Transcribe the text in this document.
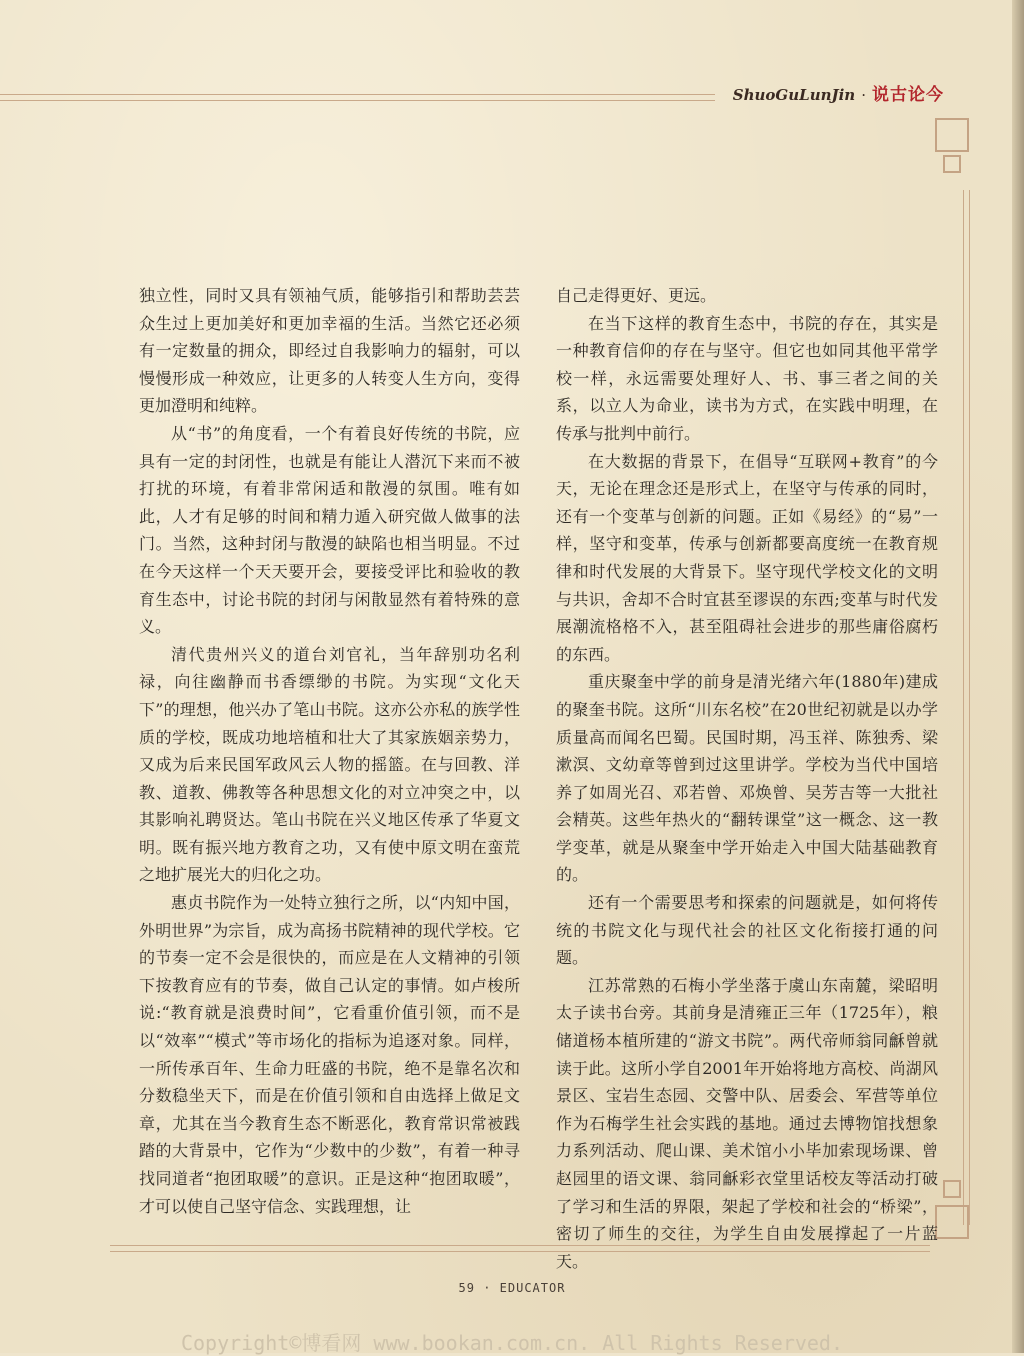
ShuoGuLunJin · 说古论今

独立性，同时又具有领袖气质，能够指引和帮助芸芸众生过上更加美好和更加幸福的生活。当然它还必须有一定数量的拥众，即经过自我影响力的辐射，可以慢慢形成一种效应，让更多的人转变人生方向，变得更加澄明和纯粹。

从“书”的角度看，一个有着良好传统的书院，应具有一定的封闭性，也就是有能让人潜沉下来而不被打扰的环境，有着非常闲适和散漫的氛围。唯有如此，人才有足够的时间和精力遁入研究做人做事的法门。当然，这种封闭与散漫的缺陷也相当明显。不过在今天这样一个天天要开会，要接受评比和验收的教育生态中，讨论书院的封闭与闲散显然有着特殊的意义。

清代贵州兴义的道台刘官礼，当年辞别功名利禄，向往幽静而书香缥缈的书院。为实现“文化天下”的理想，他兴办了笔山书院。这亦公亦私的族学性质的学校，既成功地培植和壮大了其家族姻亲势力，又成为后来民国军政风云人物的摇篮。在与回教、洋教、道教、佛教等各种思想文化的对立冲突之中，以其影响礼聘贤达。笔山书院在兴义地区传承了华夏文明。既有振兴地方教育之功，又有使中原文明在蛮荒之地扩展光大的归化之功。

惠贞书院作为一处特立独行之所，以“内知中国，外明世界”为宗旨，成为高扬书院精神的现代学校。它的节奏一定不会是很快的，而应是在人文精神的引领下按教育应有的节奏，做自己认定的事情。如卢梭所说:“教育就是浪费时间”，它看重价值引领，而不是以“效率”“模式”等市场化的指标为追逐对象。同样，一所传承百年、生命力旺盛的书院，绝不是靠名次和分数稳坐天下，而是在价值引领和自由选择上做足文章，尤其在当今教育生态不断恶化，教育常识常被践踏的大背景中，它作为“少数中的少数”，有着一种寻找同道者“抱团取暖”的意识。正是这种“抱团取暖”，才可以使自己坚守信念、实践理想，让

自己走得更好、更远。

在当下这样的教育生态中，书院的存在，其实是一种教育信仰的存在与坚守。但它也如同其他平常学校一样，永远需要处理好人、书、事三者之间的关系，以立人为命业，读书为方式，在实践中明理，在传承与批判中前行。

在大数据的背景下，在倡导“互联网+教育”的今天，无论在理念还是形式上，在坚守与传承的同时，还有一个变革与创新的问题。正如《易经》的“易”一样，坚守和变革，传承与创新都要高度统一在教育规律和时代发展的大背景下。坚守现代学校文化的文明与共识，舍却不合时宜甚至谬误的东西;变革与时代发展潮流格格不入，甚至阻碍社会进步的那些庸俗腐朽的东西。

重庆聚奎中学的前身是清光绪六年(1880年)建成的聚奎书院。这所“川东名校”在20世纪初就是以办学质量高而闻名巴蜀。民国时期，冯玉祥、陈独秀、梁漱溟、文幼章等曾到过这里讲学。学校为当代中国培养了如周光召、邓若曾、邓焕曾、吴芳吉等一大批社会精英。这些年热火的“翻转课堂”这一概念、这一教学变革，就是从聚奎中学开始走入中国大陆基础教育的。

还有一个需要思考和探索的问题就是，如何将传统的书院文化与现代社会的社区文化衔接打通的问题。

江苏常熟的石梅小学坐落于虞山东南麓，梁昭明太子读书台旁。其前身是清雍正三年（1725年），粮储道杨本植所建的“游文书院”。两代帝师翁同龢曾就读于此。这所小学自2001年开始将地方高校、尚湖风景区、宝岩生态园、交警中队、居委会、军营等单位作为石梅学生社会实践的基地。通过去博物馆找想象力系列活动、爬山课、美术馆小小毕加索现场课、曾赵园里的语文课、翁同龢彩衣堂里话校友等活动打破了学习和生活的界限，架起了学校和社会的“桥梁”，密切了师生的交往，为学生自由发展撑起了一片蓝天。

59 · EDUCATOR
Copyright©博看网 www.bookan.com.cn. All Rights Reserved.
